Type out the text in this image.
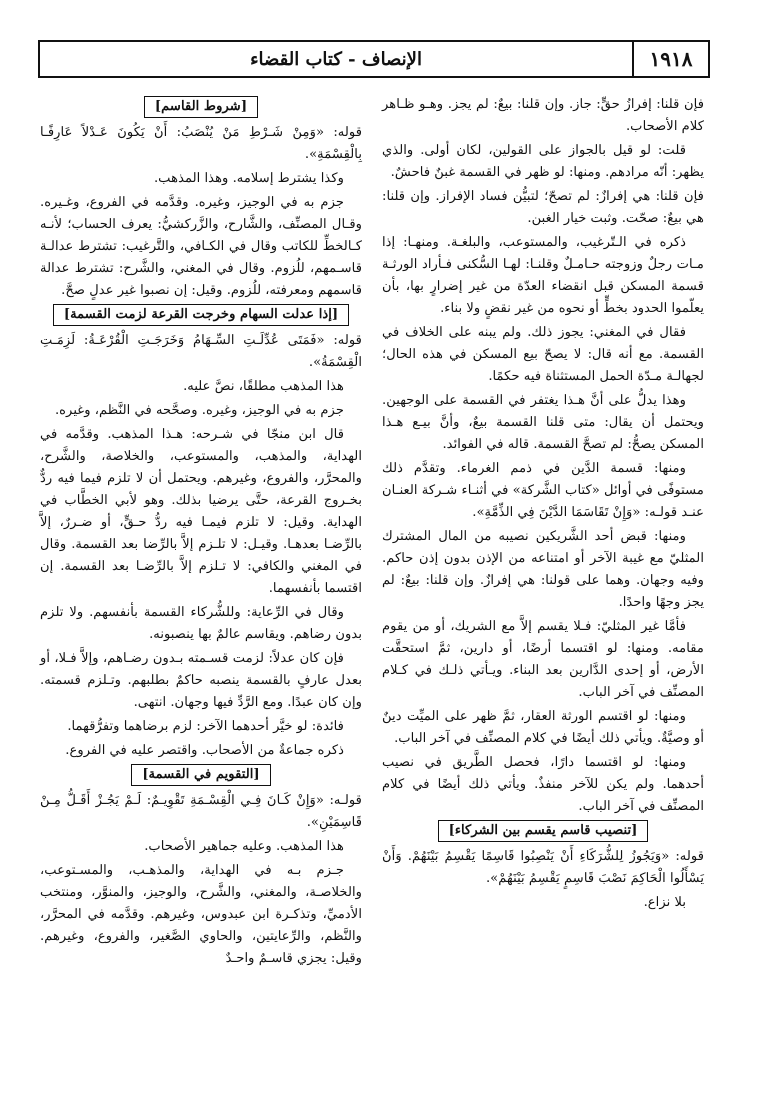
١٩١٨
الإنصاف - كتاب القضاء

فإن قلنا: إفرازُ حقٍّ: جاز. وإن قلنا: بيعٌ: لم يجز. وهـو ظـاهر كلام الأصحاب.

قلت: لو قيل بالجواز على القولين، لكان أولى. والذي يظهر: أنّه مرادهم. ومنها: لو ظهر في القسمة غبنٌ فاحشٌ.

فإن قلنا: هي إفرازٌ: لم تصحّ؛ لتبيُّن فساد الإفراز. وإن قلنا: هي بيعٌ: صحّت. وثبت خيار الغبن.

ذكره في الـتّرغيب، والمستوعب، والبلغـة. ومنهـا: إذا مـات رجلٌ وزوجته حـامـلٌ وقلنـا: لهـا السُّكنى فـأراد الورثـة قسمة المسكن قبل انقضاء العدّة من غير إضرارٍ بها، بأن يعلّموا الحدود بخطٍّ أو نحوه من غير نقضٍ ولا بناء.

فقال في المغني: يجوز ذلك. ولم يبنه على الخلاف في القسمة. مع أنه قال: لا يصحّ بيع المسكن في هذه الحال؛ لجهالـة مـدّة الحمل المستثناة فيه حكمًا.

وهذا يدلُّ على أنَّ هـذا يغتفر في القسمة على الوجهين. ويحتمل أن يقال: متى قلنا القسمة بيعٌ، وأنَّ بيـع هـذا المسكن يصحُّ: لم تصحَّ القسمة. قاله في الفوائد.

ومنها: قسمة الدَّين في ذمم الغرماء. وتقدَّم ذلك مستوفًى في أوائل «كتاب الشَّركة» في أثنـاء شـركة العنـان عنـد قولـه: «وَإِنْ تَقَاسَمَا الدَّيْنَ فِي الذِّمَّةِ».

ومنها: قبض أحد الشَّريكين نصيبه من المال المشترك المثليّ مع غيبة الآخر أو امتناعه من الإذن بدون إذن حاكم. وفيه وجهان. وهما على قولنا: هي إفرازٌ. وإن قلنا: بيعٌ: لم يجز وجهًا واحدًا.

فأمَّا غير المثليّ: فـلا يقسم إلاَّ مع الشريك، أو من يقوم مقامه. ومنها: لو اقتسما أرضًا، أو دارين، ثمَّ استحقَّت الأرض، أو إحدى الدَّارين بعد البناء. ويـأتي ذلـك في كـلام المصنِّف في آخر الباب.

ومنها: لو اقتسم الورثة العقار، ثمَّ ظهر على الميِّت دينٌ أو وصيَّةٌ. ويأتي ذلك أيضًا في كلام المصنِّف في آخر الباب.

ومنها: لو اقتسما دارًا، فحصل الطَّريق في نصيب أحدهما. ولم يكن للآخر منفذٌ. ويأتي ذلك أيضًا في كلام المصنِّف في آخر الباب.

[تنصيب قاسم يقسم بين الشركاء]

قوله: «وَيَجُوزُ لِلشُّرَكَاءِ أَنْ يَنْصِبُوا قَاسِمًا يَقْسِمُ بَيْنَهُمْ. وَأَنْ يَسْأَلُوا الْحَاكِمَ نَصْبَ قَاسِمٍ يَقْسِمُ بَيْنَهُمْ».

بلا نزاع.

[شروط القاسم]

قوله: «وَمِنْ شَـرْطِ مَنْ يُنْصَبُ: أَنْ يَكُونَ عَـدْلاً عَارِفًـا بِالْقِسْمَةِ».

وكذا يشترط إسلامه. وهذا المذهب.

جزم به في الوجيز، وغيره. وقدَّمه في الفروع، وغـيره. وقـال المصنِّف، والشَّارح، والزَّركشيُّ: يعرف الحساب؛ لأنـه كـالخطِّ للكاتب وقال في الكـافي، والتَّرغيب: تشترط عدالـة قاسـمهم، للُزوم. وقال في المغني، والشَّرح: تشترط عدالة قاسمهم ومعرفته، للُزوم. وقيل: إن نصبوا غير عدلٍ صحَّ.

[إذا عدلت السهام وخرجت القرعة لزمت القسمة]

قوله: «فَمَتَى عُدِّلَـتِ السِّـهَامُ وَخَرَجَـتِ الْقُرْعَـةُ: لَزِمَـتِ الْقِسْمَةُ».

هذا المذهب مطلقًا، نصَّ عليه.

جزم به في الوجيز، وغيره. وصحَّحه في النَّظم، وغيره.

قال ابن منجّا في شـرحه: هـذا المذهب. وقدَّمه في الهداية، والمذهب، والمستوعب، والخلاصة، والشَّرح، والمحرَّر، والفروع، وغيرهم. ويحتمل أن لا تلزم فيما فيه ردٌّ بخـروج القرعة، حتَّى يرضيا بذلك. وهو لأبي الخطَّاب في الهداية. وقيل: لا تلزم فيمـا فيه ردُّ حـقٍّ، أو ضـررٌ، إلاَّ بالرِّضـا بعدهـا. وقيـل: لا تلـزم إلاَّ بالرِّضا بعد القسمة. وقال في المغني والكافي: لا تـلزم إلاَّ بالرِّضـا بعد القسمة. إن اقتسما بأنفسهما.

وقال في الرِّعاية: وللشُّركاء القسمة بأنفسهم. ولا تلزم بدون رضاهم. ويقاسم عالمٌ بها ينصبونه.

فإن كان عدلاً: لزمت قسـمته بـدون رضـاهم، وإلاَّ فـلا، أو بعدل عارفٍ بالقسمة ينصبه حاكمٌ بطلبهم. وتـلزم قسمته. وإن كان عبدًا. ومع الرَّدِّ فيها وجهان. انتهى.

فائدة: لو خيَّر أحدهما الآخر: لزم برضاهما وتفرُّقهما.

ذكره جماعةٌ من الأصحاب. واقتصر عليه في الفروع.

[التقويم في القسمة]

قولـه: «وَإِنْ كَـانَ فِـي الْقِسْـمَةِ تَقْوِيـمٌ: لَـمْ يَجُـزْ أَقَـلُّ مِـنْ قَاسِمَيْنِ».

هذا المذهب. وعليه جماهير الأصحاب.

جـزم بـه في الهداية، والمذهـب، والمسـتوعب، والخلاصـة، والمغني، والشَّرح، والوجيز، والمنوَّر، ومنتخب الأدميِّ، وتذكـرة ابن عبدوس، وغيرهم. وقدَّمه في المحرَّر، والنَّظم، والرِّعايتين، والحاوي الصَّغير، والفروع، وغيرهم. وقيل: يجزي قاسـمٌ واحـدٌ
